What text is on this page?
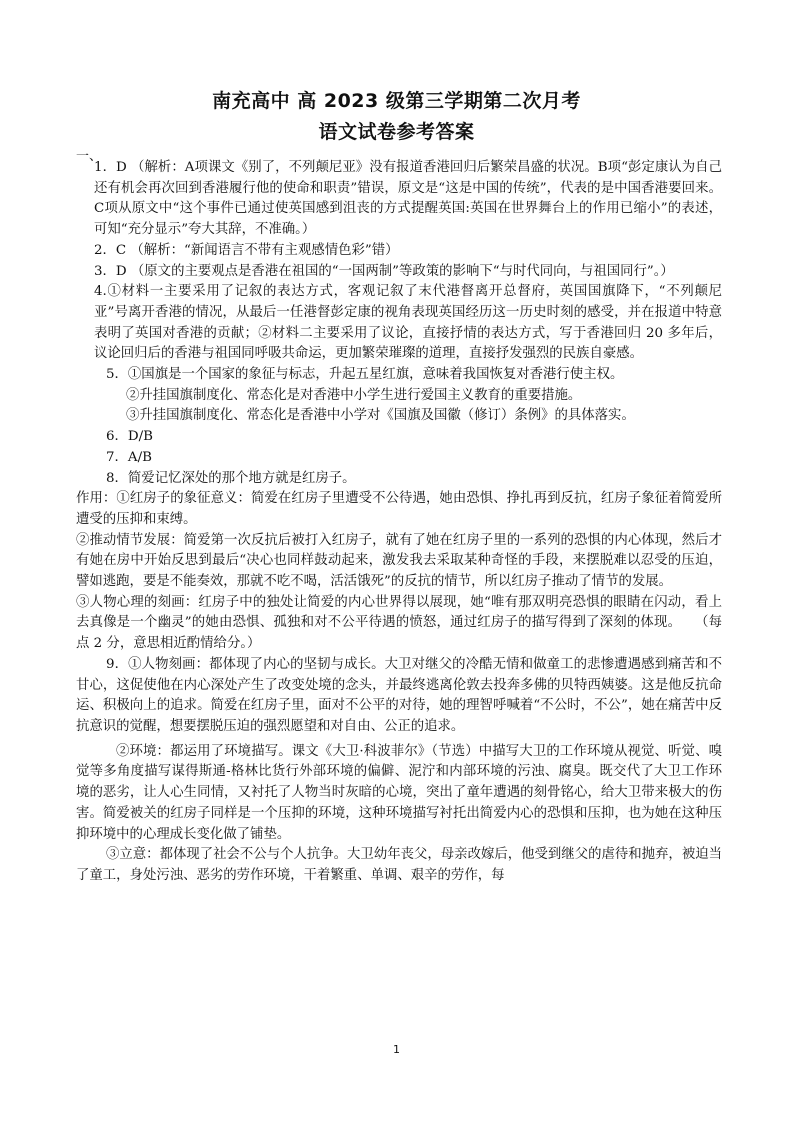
南充高中 高 2023 级第三学期第二次月考
语文试卷参考答案
一、

1．D （解析：A项课文《别了，不列颠尼亚》没有报道香港回归后繁荣昌盛的状况。B项“彭定康认为自己还有机会再次回到香港履行他的使命和职责”错误，原文是“这是中国的传统”，代表的是中国香港要回来。C项从原文中“这个事件已通过使英国感到沮丧的方式提醒英国:英国在世界舞台上的作用已缩小”的表述，可知“充分显示”夸大其辞，不准确。）

2．C （解析：“新闻语言不带有主观感情色彩”错）

3．D （原文的主要观点是香港在祖国的“一国两制”等政策的影响下“与时代同向，与祖国同行”。）

4.①材料一主要采用了记叙的表达方式，客观记叙了末代港督离开总督府，英国国旗降下，“不列颠尼亚”号离开香港的情况，从最后一任港督彭定康的视角表现英国经历这一历史时刻的感受，并在报道中特意表明了英国对香港的贡献；②材料二主要采用了议论，直接抒情的表达方式，写于香港回归 20 多年后，议论回归后的香港与祖国同呼吸共命运，更加繁荣璀璨的道理，直接抒发强烈的民族自豪感。

5．①国旗是一个国家的象征与标志，升起五星红旗，意味着我国恢复对香港行使主权。

②升挂国旗制度化、常态化是对香港中小学生进行爱国主义教育的重要措施。

③升挂国旗制度化、常态化是香港中小学对《国旗及国徽（修订）条例》的具体落实。

6．D/B

7．A/B

8．简爱记忆深处的那个地方就是红房子。

作用：①红房子的象征意义：简爱在红房子里遭受不公待遇，她由恐惧、挣扎再到反抗，红房子象征着简爱所遭受的压抑和束缚。

②推动情节发展：简爱第一次反抗后被打入红房子，就有了她在红房子里的一系列的恐惧的内心体现，然后才有她在房中开始反思到最后“决心也同样鼓动起来，激发我去采取某种奇怪的手段，来摆脱难以忍受的压迫，譬如逃跑，要是不能奏效，那就不吃不喝，活活饿死”的反抗的情节，所以红房子推动了情节的发展。

③人物心理的刻画：红房子中的独处让简爱的内心世界得以展现，她“唯有那双明亮恐惧的眼睛在闪动，看上去真像是一个幽灵”的她由恐惧、孤独和对不公平待遇的愤怒，通过红房子的描写得到了深刻的体现。　　（每点 2 分，意思相近酌情给分。）

9．①人物刻画：都体现了内心的坚韧与成长。大卫对继父的冷酷无情和做童工的悲惨遭遇感到痛苦和不甘心，这促使他在内心深处产生了改变处境的念头，并最终逃离伦敦去投奔多佛的贝特西姨婆。这是他反抗命运、积极向上的追求。简爱在红房子里，面对不公平的对待，她的理智呼喊着“不公时，不公”，她在痛苦中反抗意识的觉醒，想要摆脱压迫的强烈愿望和对自由、公正的追求。

②环境：都运用了环境描写。课文《大卫·科波菲尔》（节选）中描写大卫的工作环境从视觉、听觉、嗅觉等多角度描写谋得斯通-格林比货行外部环境的偏僻、泥泞和内部环境的污浊、腐臭。既交代了大卫工作环境的恶劣，让人心生同情，又衬托了人物当时灰暗的心境，突出了童年遭遇的刻骨铭心，给大卫带来极大的伤害。简爱被关的红房子同样是一个压抑的环境，这种环境描写衬托出简爱内心的恐惧和压抑，也为她在这种压抑环境中的心理成长变化做了铺垫。

③立意：都体现了社会不公与个人抗争。大卫幼年丧父，母亲改嫁后，他受到继父的虐待和抛弃，被迫当了童工，身处污浊、恶劣的劳作环境，干着繁重、单调、艰辛的劳作，每

1
